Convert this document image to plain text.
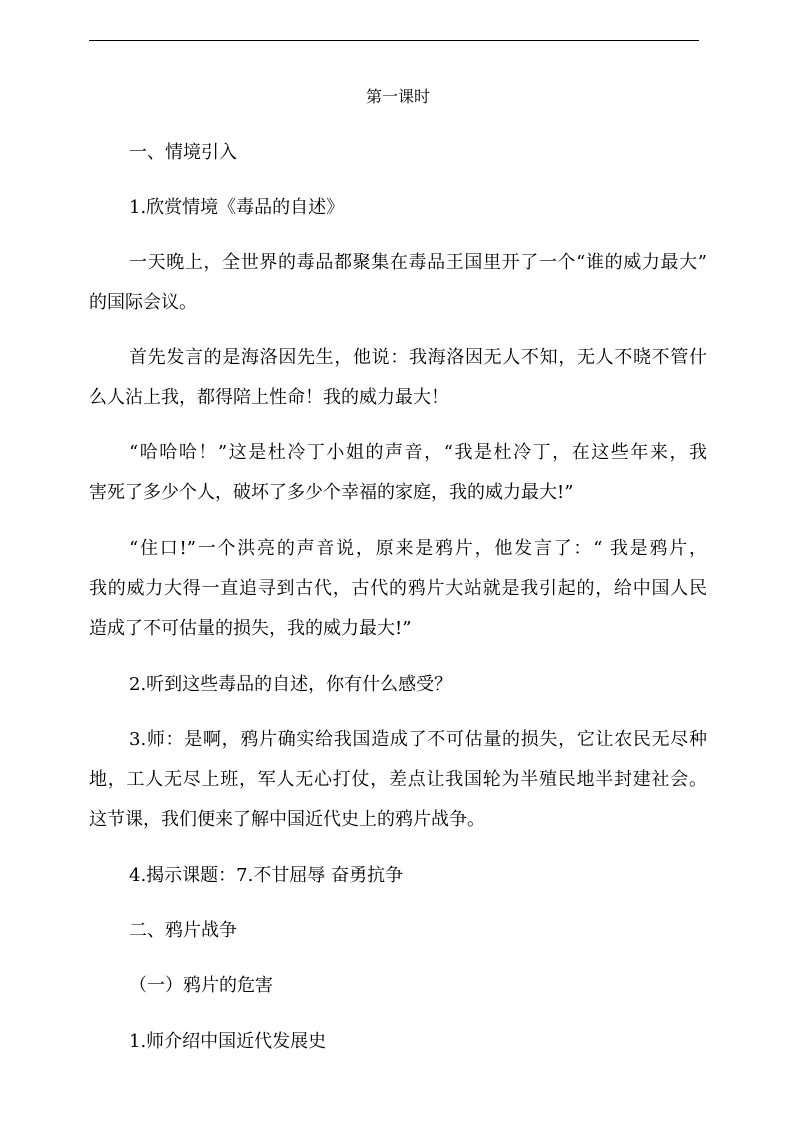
第一课时
一、情境引入
1.欣赏情境《毒品的自述》
一天晚上，全世界的毒品都聚集在毒品王国里开了一个“谁的威力最大”
的国际会议。
首先发言的是海洛因先生，他说：我海洛因无人不知，无人不晓不管什
么人沾上我，都得陪上性命！我的威力最大！
“哈哈哈！”这是杜冷丁小姐的声音，“我是杜冷丁，在这些年来，我
害死了多少个人，破坏了多少个幸福的家庭，我的威力最大!”
“住口!”一个洪亮的声音说，原来是鸦片，他发言了：“ 我是鸦片，
我的威力大得一直追寻到古代，古代的鸦片大站就是我引起的，给中国人民
造成了不可估量的损失，我的威力最大!”
2.听到这些毒品的自述，你有什么感受？
3.师：是啊，鸦片确实给我国造成了不可估量的损失，它让农民无尽种
地，工人无尽上班，军人无心打仗，差点让我国轮为半殖民地半封建社会。
这节课，我们便来了解中国近代史上的鸦片战争。
4.揭示课题：7.不甘屈辱 奋勇抗争
二、鸦片战争
（一）鸦片的危害
1.师介绍中国近代发展史
